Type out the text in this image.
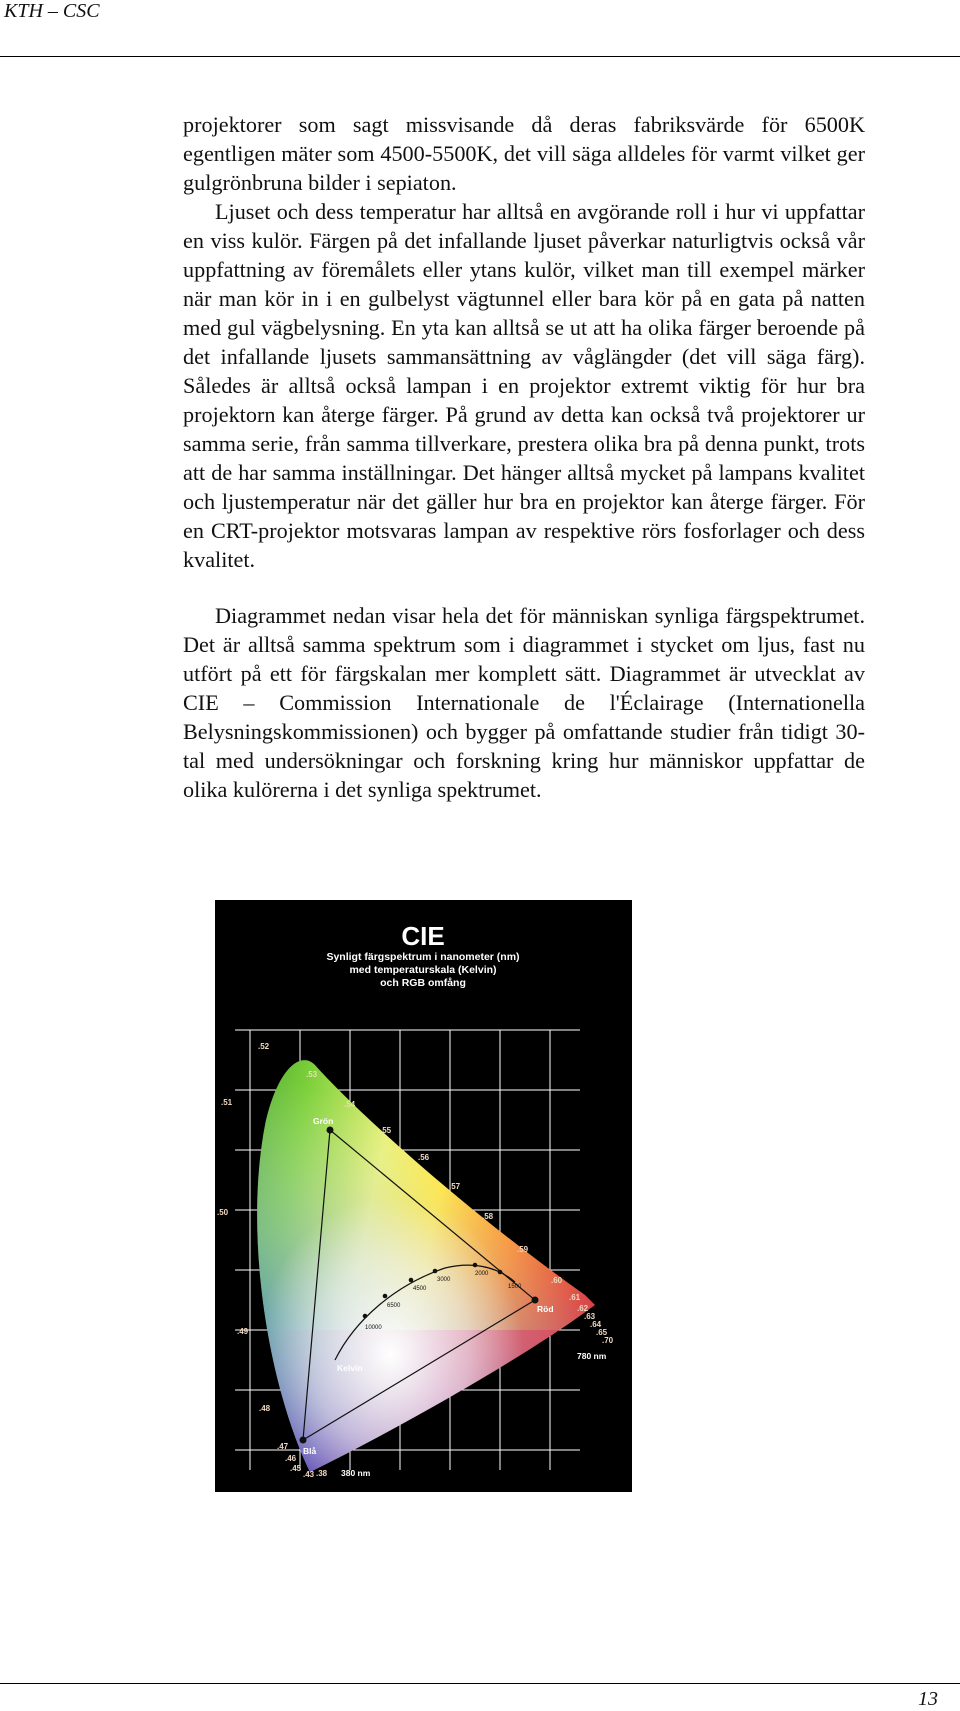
KTH – CSC

projektorer som sagt missvisande då deras fabriksvärde för 6500K egentligen mäter som 4500-5500K, det vill säga alldeles för varmt vilket ger gulgrönbruna bilder i sepiaton.

Ljuset och dess temperatur har alltså en avgörande roll i hur vi uppfattar en viss kulör. Färgen på det infallande ljuset påverkar naturligtvis också vår uppfattning av föremålets eller ytans kulör, vilket man till exempel märker när man kör in i en gulbelyst vägtunnel eller bara kör på en gata på natten med gul vägbelysning. En yta kan alltså se ut att ha olika färger beroende på det infallande ljusets sammansättning av våglängder (det vill säga färg). Således är alltså också lampan i en projektor extremt viktig för hur bra projektorn kan återge färger. På grund av detta kan också två projektorer ur samma serie, från samma tillverkare, prestera olika bra på denna punkt, trots att de har samma inställningar. Det hänger alltså mycket på lampans kvalitet och ljustemperatur när det gäller hur bra en projektor kan återge färger. För en CRT-projektor motsvaras lampan av respektive rörs fosforlager och dess kvalitet.

Diagrammet nedan visar hela det för människan synliga färgspektrumet. Det är alltså samma spektrum som i diagrammet i stycket om ljus, fast nu utfört på ett för färgskalan mer komplett sätt. Diagrammet är utvecklat av CIE – Commission Internationale de l'Éclairage (Internationella Belysningskommissionen) och bygger på omfattande studier från tidigt 30-tal med undersökningar och forskning kring hur människor uppfattar de olika kulörerna i det synliga spektrumet.

CIE
Synligt färgspektrum i nanometer (nm)
med temperaturskala (Kelvin)
och RGB omfång
3000
2000
1500
4500
6500
10000
Grön
Röd
Blå
Kelvin
.52
.53
.54
.55
.56
.57
.58
.59
.60
.61
.62
.63
.64
.65
.70
.51
.50
.49
.48
.47
.46
.45
.43 .38
780 nm
380 nm
13
